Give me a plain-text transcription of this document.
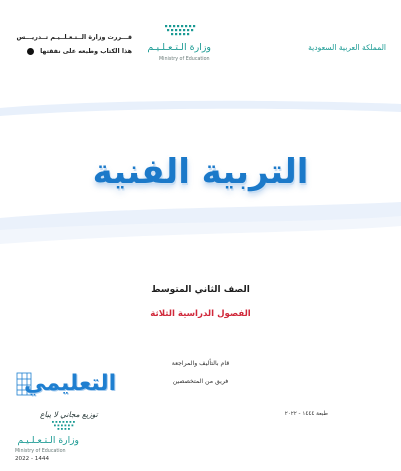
قـــررت وزارة الــتـعـلــيـم تــدريـــس
هذا الكتاب وطبعه على نفقتها وزارة الـتـعـلـيـم
Ministry of Education
المملكة العربية السعودية
التربية الفنية
الصف الثاني المتوسط
الفصول الدراسية الثلاثة
قام بالتأليف والمراجعة
فريق من المتخصصين
طبعة ١٤٤٤ - ٢٠٢٢
التعليمي
توزيع مجاني لا يباع
وزارة الـتـعـلـيـم
Ministry of Education
2022 - 1444
